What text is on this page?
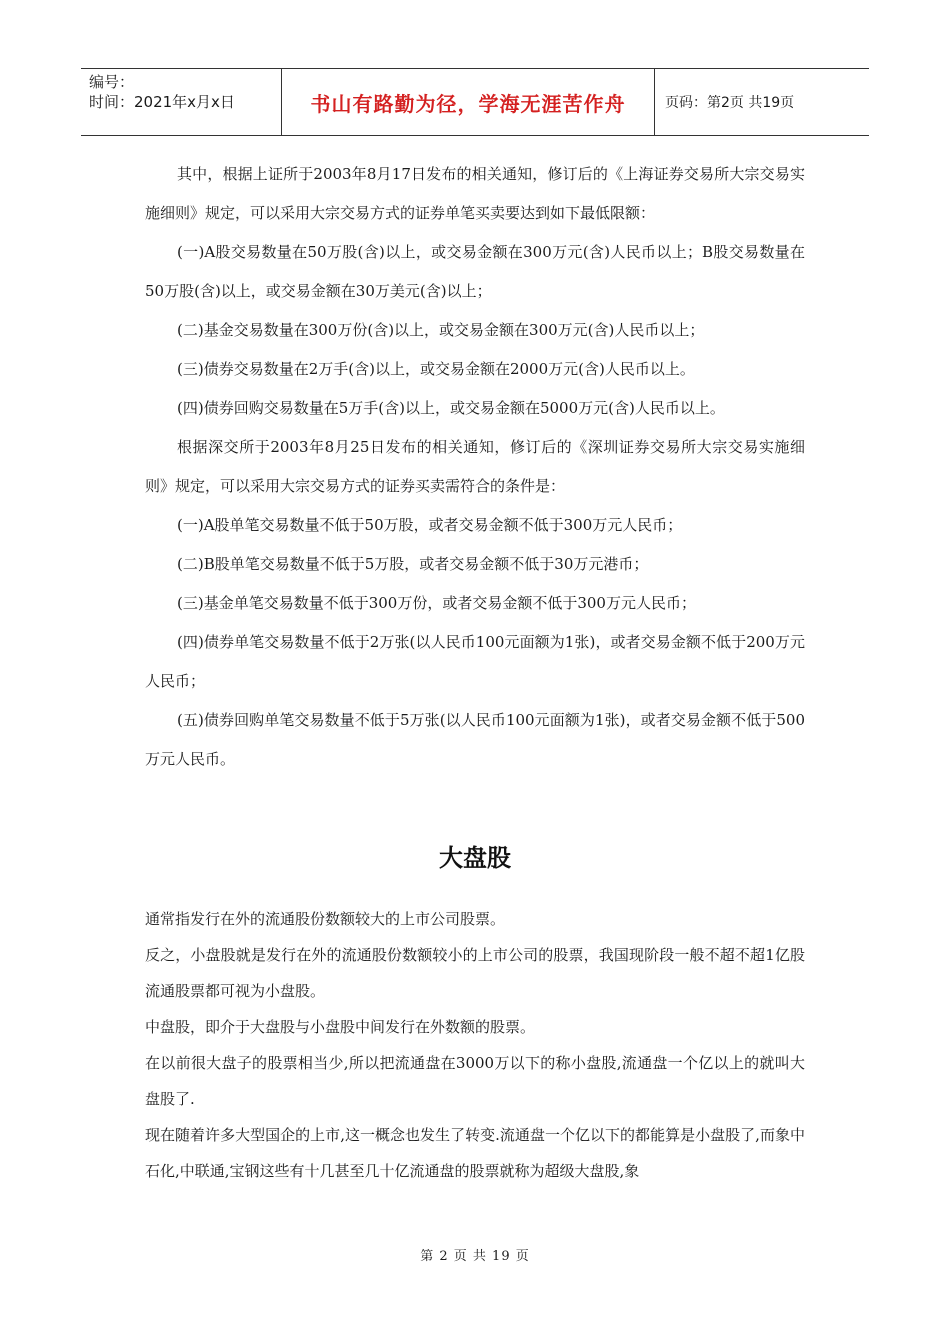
编号：
时间：2021年x月x日	书山有路勤为径，学海无涯苦作舟	页码：第2页 共19页

其中，根据上证所于2003年8月17日发布的相关通知，修订后的《上海证券交易所大宗交易实施细则》规定，可以采用大宗交易方式的证券单笔买卖要达到如下最低限额：

(一)A股交易数量在50万股(含)以上，或交易金额在300万元(含)人民币以上；B股交易数量在50万股(含)以上，或交易金额在30万美元(含)以上；

(二)基金交易数量在300万份(含)以上，或交易金额在300万元(含)人民币以上；

(三)债券交易数量在2万手(含)以上，或交易金额在2000万元(含)人民币以上。

(四)债券回购交易数量在5万手(含)以上，或交易金额在5000万元(含)人民币以上。

根据深交所于2003年8月25日发布的相关通知，修订后的《深圳证券交易所大宗交易实施细则》规定，可以采用大宗交易方式的证券买卖需符合的条件是：

(一)A股单笔交易数量不低于50万股，或者交易金额不低于300万元人民币；

(二)B股单笔交易数量不低于5万股，或者交易金额不低于30万元港币；

(三)基金单笔交易数量不低于300万份，或者交易金额不低于300万元人民币；

(四)债券单笔交易数量不低于2万张(以人民币100元面额为1张)，或者交易金额不低于200万元人民币；

(五)债券回购单笔交易数量不低于5万张(以人民币100元面额为1张)，或者交易金额不低于500万元人民币。

大盘股

通常指发行在外的流通股份数额较大的上市公司股票。

反之，小盘股就是发行在外的流通股份数额较小的上市公司的股票，我国现阶段一般不超不超1亿股流通股票都可视为小盘股。

中盘股，即介于大盘股与小盘股中间发行在外数额的股票。

在以前很大盘子的股票相当少,所以把流通盘在3000万以下的称小盘股,流通盘一个亿以上的就叫大盘股了.

现在随着许多大型国企的上市,这一概念也发生了转变.流通盘一个亿以下的都能算是小盘股了,而象中石化,中联通,宝钢这些有十几甚至几十亿流通盘的股票就称为超级大盘股,象

第 2 页 共 19 页
